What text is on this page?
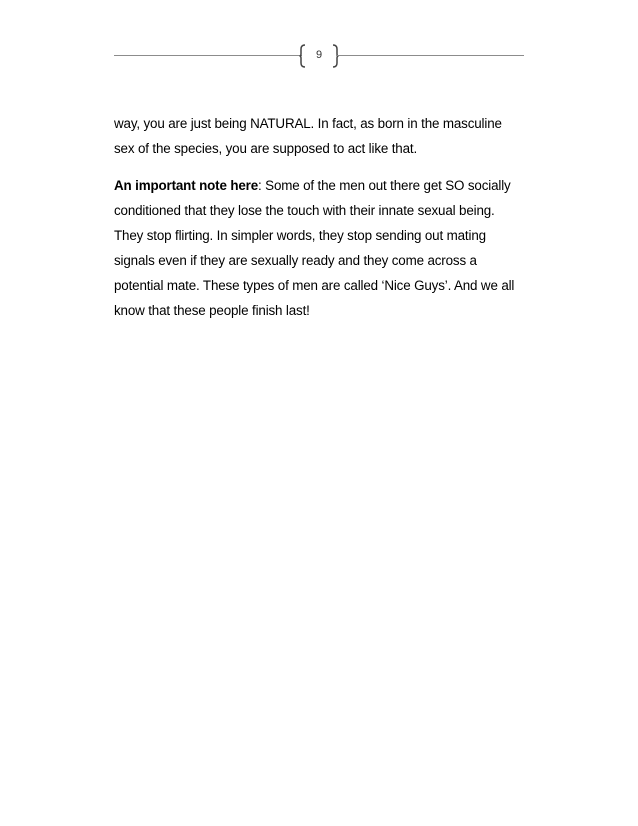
9

way, you are just being NATURAL. In fact, as born in the masculine
sex of the species, you are supposed to act like that.

An important note here: Some of the men out there get SO socially
conditioned that they lose the touch with their innate sexual being.
They stop flirting. In simpler words, they stop sending out mating
signals even if they are sexually ready and they come across a
potential mate. These types of men are called ‘Nice Guys’. And we all
know that these people finish last!
